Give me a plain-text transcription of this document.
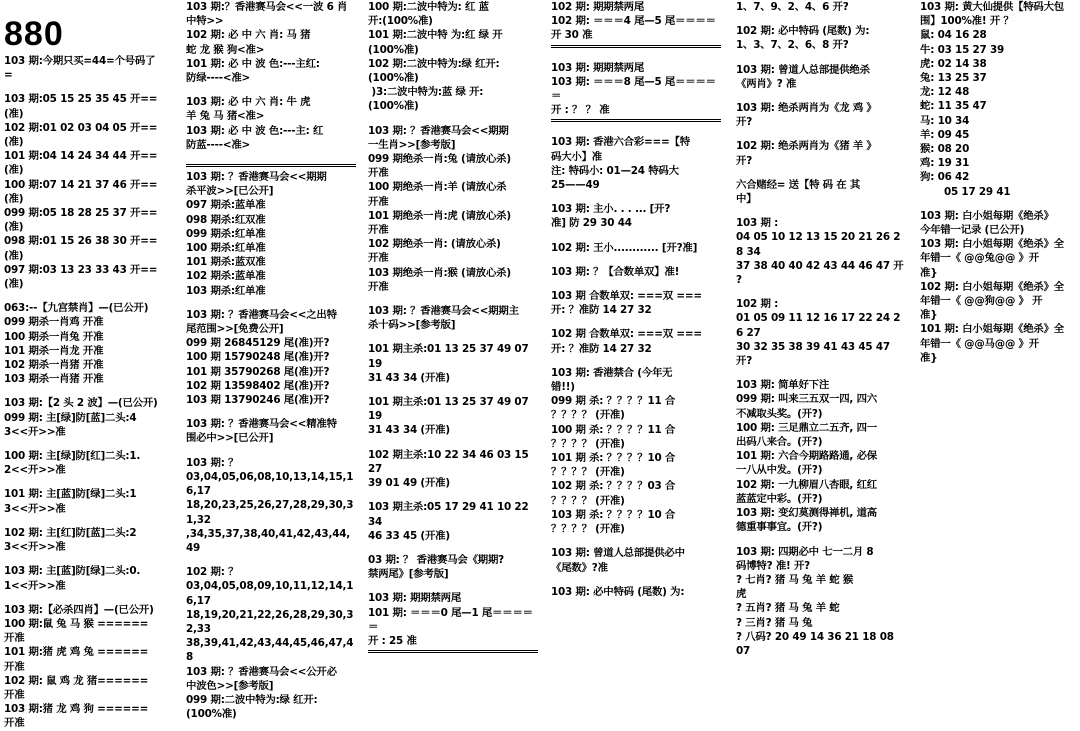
880
103 期:今期只买=44=个号码了
=
103 期:05 15 25 35 45 开==(准)
102 期:01 02 03 04 05 开==(准)
101 期:04 14 24 34 44 开==(准)
100 期:07 14 21 37 46 开==(准)
099 期:05 18 28 25 37 开==(准)
098 期:01 15 26 38 30 开==(准)
097 期:03 13 23 33 43 开==(准)
063:--【九宫禁肖】—(已公开)
099 期杀一肖鸡 开准
100 期杀一肖兔 开准
101 期杀一肖龙 开准
102 期杀一肖猪 开准
103 期杀一肖猪 开准
103 期:【2 头 2 波】—(已公开)
099 期: 主[绿]防[蓝]二头:4
3<<开>>准
100 期: 主[绿]防[红]二头:1.
2<<开>>准
101 期: 主[蓝]防[绿]二头:1
3<<开>>准
102 期: 主[红]防[蓝]二头:2
3<<开>>准
103 期: 主[蓝]防[绿]二头:0.
1<<开>>准
103 期:【必杀四肖】—(已公开)
100 期:鼠 兔 马 猴 ======
开准
101 期:猪 虎 鸡 兔 ======
开准
102 期: 鼠 鸡 龙 猪======
开准
103 期:猪 龙 鸡 狗 ======
开准
103 期:？香港赛马会<<一波 6 肖
中特>>
102 期: 必 中 六 肖: 马 猪
蛇 龙 猴 狗<准>
101 期: 必 中 波 色:---主红:
防绿----<准>
103 期: 必 中 六 肖: 牛 虎
羊 兔 马 猪<准>
103 期: 必 中 波 色:---主: 红
防蓝----<准>
103 期: ？香港赛马会<<期期
杀平波>>[已公开]
097 期杀:蓝单准
098 期杀:红双准
099 期杀:红单准
100 期杀:红单准
101 期杀:蓝双准
102 期杀:蓝单准
103 期杀:红单准
103 期: ？香港赛马会<<之出特
尾范围>>[免费公开]
099 期 26845129 尾(准)开?
100 期 15790248 尾(准)开?
101 期 35790268 尾(准)开?
102 期 13598402 尾(准)开?
103 期 13790246 尾(准)开?
103 期: ？香港赛马会<<精准特
围必中>>[已公开]
103 期: ？
03,04,05,06,08,10,13,14,15,16,17
18,20,23,25,26,27,28,29,30,31,32
,34,35,37,38,40,41,42,43,44,49
102 期: ？
03,04,05,08,09,10,11,12,14,16,17
18,19,20,21,22,26,28,29,30,32,33
38,39,41,42,43,44,45,46,47,48
103 期: ？香港赛马会<<公开必
中波色>>[参考版]
099 期:二波中特为:绿 红开:
(100%准)
100 期:二波中特为: 红 蓝
开:(100%准)
101 期:二波中特 为:红 绿 开
(100%准)
102 期:二波中特为:绿 红开:
(100%准)
)3:二波中特为:蓝 绿 开:
(100%准)
103 期: ？香港赛马会<<期期
一生肖>>[参考版]
099 期绝杀一肖:兔 (请放心杀)
开准
100 期绝杀一肖:羊 (请放心杀
开准
101 期绝杀一肖:虎 (请放心杀)
开准
102 期绝杀一肖: (请放心杀)
开准
103 期绝杀一肖:猴 (请放心杀)
开准
103 期: ？香港赛马会<<期期主
杀十码>>[参考版]
101 期主杀:01 13 25 37 49 07 19
31 43 34 (开准)
101 期主杀:01 13 25 37 49 07 19
31 43 34 (开准)
102 期主杀:10 22 34 46 03 15 27
39 01 49 (开准)
103 期主杀:05 17 29 41 10 22 34
46 33 45 (开准)
03 期: ？ 香港赛马会《期期?
禁两尾》[参考版]
103 期: 期期禁两尾
101 期: ＝＝＝0 尾—1 尾＝＝＝＝
＝
开 : 25 准
102 期: 期期禁两尾
102 期: ＝＝＝4 尾—5 尾＝＝＝＝
开 30 准
103 期: 期期禁两尾
103 期: ＝＝＝8 尾—5 尾＝＝＝＝
＝
开 : ？ ？ 准
103 期: 香港六合彩===【特
码大小】准
注: 特码小: 01—24 特码大
25——49
103 期: 主小. . . ... [开?
准] 防 29 30 44
102 期: 王小............ [开?准]
103 期: ？【合数单双】准!
103 期 合数单双: ===双 ===
开: ？准防 14 27 32
102 期 合数单双: ===双 ===
开: ？准防 14 27 32
103 期: 香港禁合 (今年无
错!!)
099 期 杀: ？？？？11 合
？？？？ (开准)
100 期 杀: ？？？？11 合
？？？？ (开准)
101 期 杀: ？？？？10 合
？？？？ (开准)
102 期 杀: ？？？？03 合
？？？？ (开准)
103 期 杀: ？？？？10 合
？？？？ (开准)
103 期: 曾道人总部提供必中
《尾数》?准
103 期: 必中特码 (尾数) 为:
1、7、9、2、4、6 开?
102 期: 必中特码 (尾数) 为:
1、3、7、2、6、8 开?
103 期: 曾道人总部提供绝杀
《两肖》? 准
103 期: 绝杀两肖为《龙 鸡 》
开?
102 期: 绝杀两肖为《猪 羊 》
开?
六合赌经= 送【特 码 在 其
中】
103 期 :
04 05 10 12 13 15 20 21 26 28 34
37 38 40 40 42 43 44 46 47 开
?
102 期 :
01 05 09 11 12 16 17 22 24 26 27
30 32 35 38 39 41 43 45 47 开?
103 期: 简单好下注
099 期: 叫来三五双一四, 四六
不减取头奖。(开?)
100 期: 三足鼎立二五齐, 四一
出码八来合。(开?)
101 期: 六合今期路路通, 必保
一八从中发。(开?)
102 期: 一九柳眉八杏眼, 红红
蓝蓝定中彩。(开?)
103 期: 变幻莫测得禅机, 道高
德重事事宜。(开?)
103 期: 四期必中 七一二月 8
码博特? 准! 开?
? 七肖? 猪 马 兔 羊 蛇 猴
虎
? 五肖? 猪 马 兔 羊 蛇
? 三肖? 猪 马 兔
? 八码? 20 49 14 36 21 18 08
07
103 期: 黄大仙提供【特码大包
围】100%准! 开 ？
鼠: 04 16 28
牛: 03 15 27 39
虎: 02 14 38
兔: 13 25 37
龙: 12 48
蛇: 11 35 47
马: 10 34
羊: 09 45
猴: 08 20
鸡: 19 31
狗: 06 42
05 17 29 41
103 期: 白小姐每期《绝杀》
今年错一记录 (已公开)
103 期: 白小姐每期《绝杀》全
年错一《 @@兔@@ 》开
准}
102 期: 白小姐每期《绝杀》全
年错一《 @@狗@@ 》 开
准}
101 期: 白小姐每期《绝杀》全
年错一《 @@马@@ 》开
准}
